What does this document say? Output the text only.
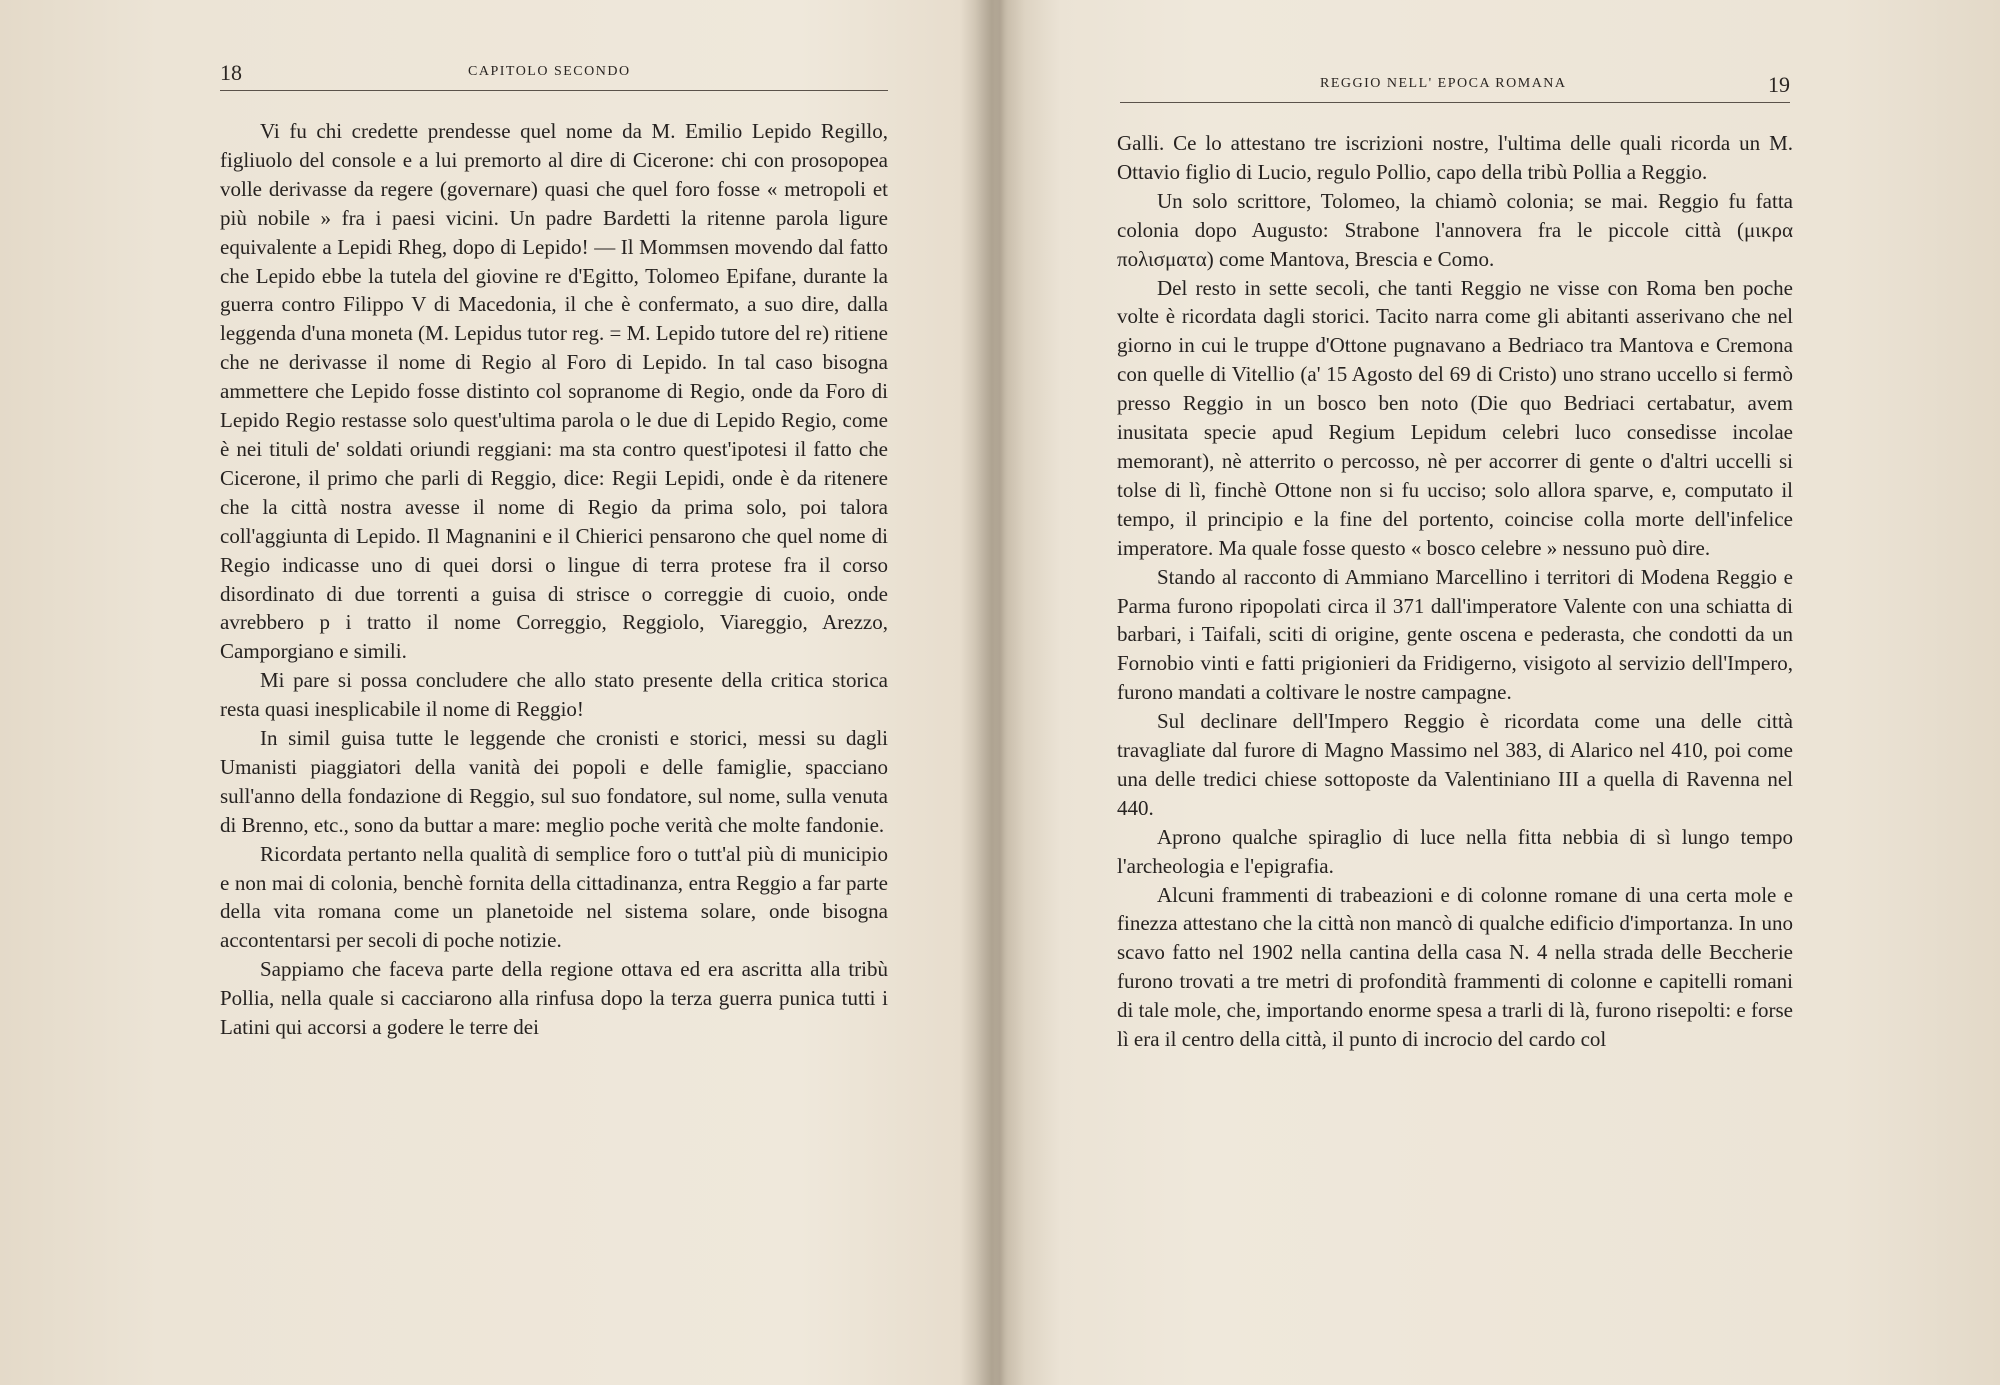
18	CAPITOLO SECONDO

Vi fu chi credette prendesse quel nome da M. Emilio Lepido Regillo, figliuolo del console e a lui premorto al dire di Cicerone: chi con prosopopea volle derivasse da regere (governare) quasi che quel foro fosse « metropoli et più nobile » fra i paesi vicini. Un padre Bardetti la ritenne parola ligure equivalente a Lepidi Rheg, dopo di Lepido! — Il Mommsen movendo dal fatto che Lepido ebbe la tutela del giovine re d'Egitto, Tolomeo Epifane, durante la guerra contro Filippo V di Macedonia, il che è confermato, a suo dire, dalla leggenda d'una moneta (M. Lepidus tutor reg. = M. Lepido tutore del re) ritiene che ne derivasse il nome di Regio al Foro di Lepido. In tal caso bisogna ammettere che Lepido fosse distinto col sopranome di Regio, onde da Foro di Lepido Regio restasse solo quest'ultima parola o le due di Lepido Regio, come è nei tituli de' soldati oriundi reggiani: ma sta contro quest'ipotesi il fatto che Cicerone, il primo che parli di Reggio, dice: Regii Lepidi, onde è da ritenere che la città nostra avesse il nome di Regio da prima solo, poi talora coll'aggiunta di Lepido. Il Magnanini e il Chierici pensarono che quel nome di Regio indicasse uno di quei dorsi o lingue di terra protese fra il corso disordinato di due torrenti a guisa di strisce o correggie di cuoio, onde avrebbero p i tratto il nome Correggio, Reggiolo, Viareggio, Arezzo, Camporgiano e simili.

Mi pare si possa concludere che allo stato presente della critica storica resta quasi inesplicabile il nome di Reggio!

In simil guisa tutte le leggende che cronisti e storici, messi su dagli Umanisti piaggiatori della vanità dei popoli e delle famiglie, spacciano sull'anno della fondazione di Reggio, sul suo fondatore, sul nome, sulla venuta di Brenno, etc., sono da buttar a mare: meglio poche verità che molte fandonie.

Ricordata pertanto nella qualità di semplice foro o tutt'al più di municipio e non mai di colonia, benchè fornita della cittadinanza, entra Reggio a far parte della vita romana come un planetoide nel sistema solare, onde bisogna accontentarsi per secoli di poche notizie.

Sappiamo che faceva parte della regione ottava ed era ascritta alla tribù Pollia, nella quale si cacciarono alla rinfusa dopo la terza guerra punica tutti i Latini qui accorsi a godere le terre dei

REGGIO NELL' EPOCA ROMANA	19

Galli. Ce lo attestano tre iscrizioni nostre, l'ultima delle quali ricorda un M. Ottavio figlio di Lucio, regulo Pollio, capo della tribù Pollia a Reggio.

Un solo scrittore, Tolomeo, la chiamò colonia; se mai. Reggio fu fatta colonia dopo Augusto: Strabone l'annovera fra le piccole città (μικρα πολισματα) come Mantova, Brescia e Como.

Del resto in sette secoli, che tanti Reggio ne visse con Roma ben poche volte è ricordata dagli storici. Tacito narra come gli abitanti asserivano che nel giorno in cui le truppe d'Ottone pugnavano a Bedriaco tra Mantova e Cremona con quelle di Vitellio (a' 15 Agosto del 69 di Cristo) uno strano uccello si fermò presso Reggio in un bosco ben noto (Die quo Bedriaci certabatur, avem inusitata specie apud Regium Lepidum celebri luco consedisse incolae memorant), nè atterrito o percosso, nè per accorrer di gente o d'altri uccelli si tolse di lì, finchè Ottone non si fu ucciso; solo allora sparve, e, computato il tempo, il principio e la fine del portento, coincise colla morte dell'infelice imperatore. Ma quale fosse questo « bosco celebre » nessuno può dire.

Stando al racconto di Ammiano Marcellino i territori di Modena Reggio e Parma furono ripopolati circa il 371 dall'imperatore Valente con una schiatta di barbari, i Taifali, sciti di origine, gente oscena e pederasta, che condotti da un Fornobio vinti e fatti prigionieri da Fridigerno, visigoto al servizio dell'Impero, furono mandati a coltivare le nostre campagne.

Sul declinare dell'Impero Reggio è ricordata come una delle città travagliate dal furore di Magno Massimo nel 383, di Alarico nel 410, poi come una delle tredici chiese sottoposte da Valentiniano III a quella di Ravenna nel 440.

Aprono qualche spiraglio di luce nella fitta nebbia di sì lungo tempo l'archeologia e l'epigrafia.

Alcuni frammenti di trabeazioni e di colonne romane di una certa mole e finezza attestano che la città non mancò di qualche edificio d'importanza. In uno scavo fatto nel 1902 nella cantina della casa N. 4 nella strada delle Beccherie furono trovati a tre metri di profondità frammenti di colonne e capitelli romani di tale mole, che, importando enorme spesa a trarli di là, furono risepolti: e forse lì era il centro della città, il punto di incrocio del cardo col
